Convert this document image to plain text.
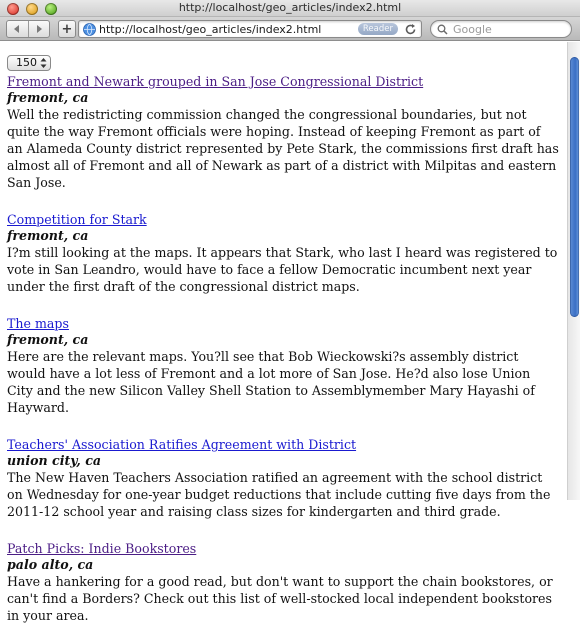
http://localhost/geo_articles/index2.html
+	http://localhost/geo_articles/index2.html	Reader
Google
150
Fremont and Newark grouped in San Jose Congressional District
fremont, ca
Well the redistricting commission changed the congressional boundaries, but not quite the way Fremont officials were hoping. Instead of keeping Fremont as part of an Alameda County district represented by Pete Stark, the commissions first draft has almost all of Fremont and all of Newark as part of a district with Milpitas and eastern San Jose.
Competition for Stark
fremont, ca
I?m still looking at the maps. It appears that Stark, who last I heard was registered to vote in San Leandro, would have to face a fellow Democratic incumbent next year under the first draft of the congressional district maps.
The maps
fremont, ca
Here are the relevant maps. You?ll see that Bob Wieckowski?s assembly district would have a lot less of Fremont and a lot more of San Jose. He?d also lose Union City and the new Silicon Valley Shell Station to Assemblymember Mary Hayashi of Hayward.
Teachers' Association Ratifies Agreement with District
union city, ca
The New Haven Teachers Association ratified an agreement with the school district on Wednesday for one-year budget reductions that include cutting five days from the 2011-12 school year and raising class sizes for kindergarten and third grade.
Patch Picks: Indie Bookstores
palo alto, ca
Have a hankering for a good read, but don't want to support the chain bookstores, or can't find a Borders? Check out this list of well-stocked local independent bookstores in your area.
